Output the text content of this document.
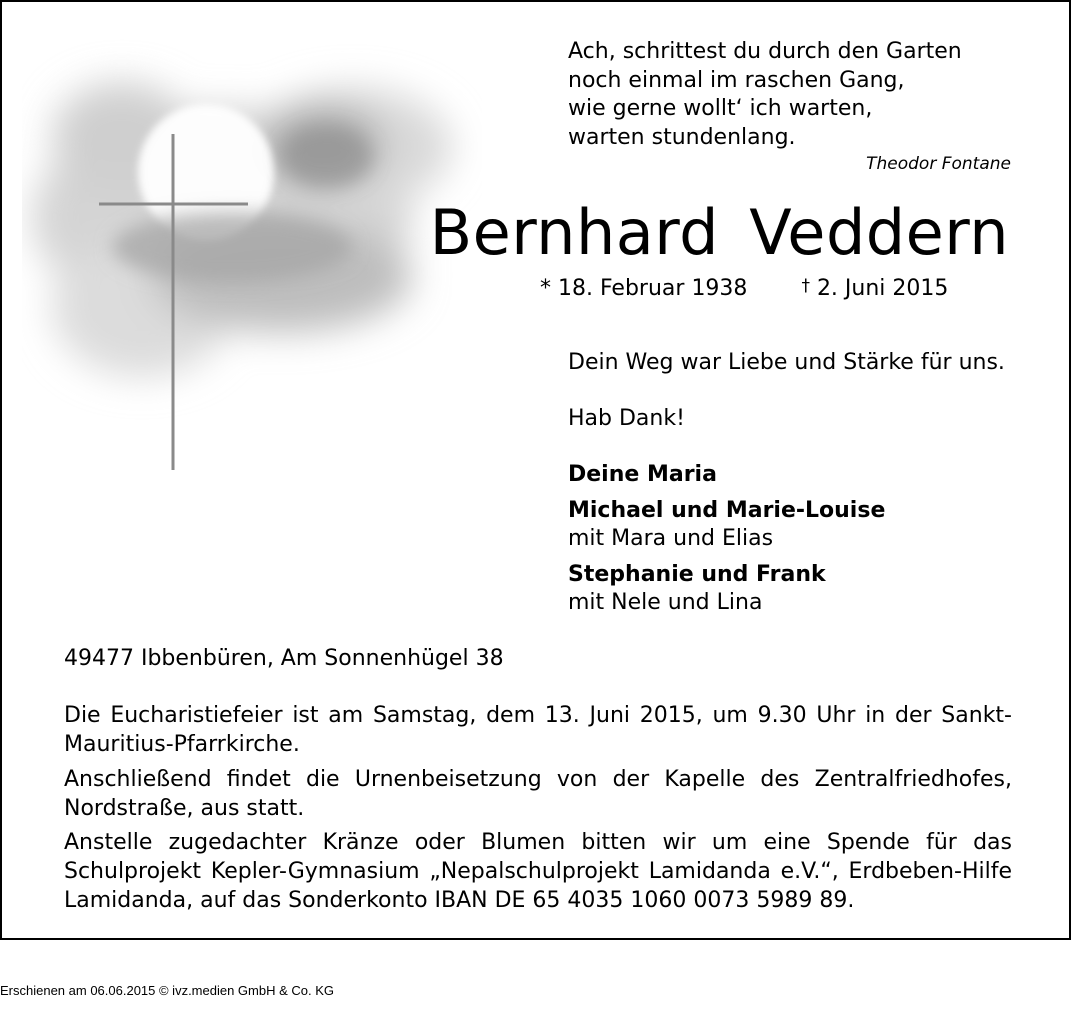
Ach, schrittest du durch den Garten
noch einmal im raschen Gang,
wie gerne wollt‘ ich warten,
warten stundenlang.
Theodor Fontane
Bernhard Veddern
* 18. Februar 1938	† 2. Juni 2015
Dein Weg war Liebe und Stärke für uns.
Hab Dank!
Deine Maria
Michael und Marie-Louise
mit Mara und Elias
Stephanie und Frank
mit Nele und Lina
49477 Ibbenbüren, Am Sonnenhügel 38
Die Eucharistiefeier ist am Samstag, dem 13. Juni 2015, um 9.30 Uhr in der Sankt-Mauritius-Pfarrkirche.
Anschließend findet die Urnenbeisetzung von der Kapelle des Zentralfriedhofes, Nordstraße, aus statt.
Anstelle zugedachter Kränze oder Blumen bitten wir um eine Spende für das Schulprojekt Kepler-Gymnasium „Nepalschulprojekt Lamidanda e.V.“, Erdbeben-Hilfe Lamidanda, auf das Sonderkonto IBAN DE 65 4035 1060 0073 5989 89.
Erschienen am 06.06.2015 © ivz.medien GmbH & Co. KG
